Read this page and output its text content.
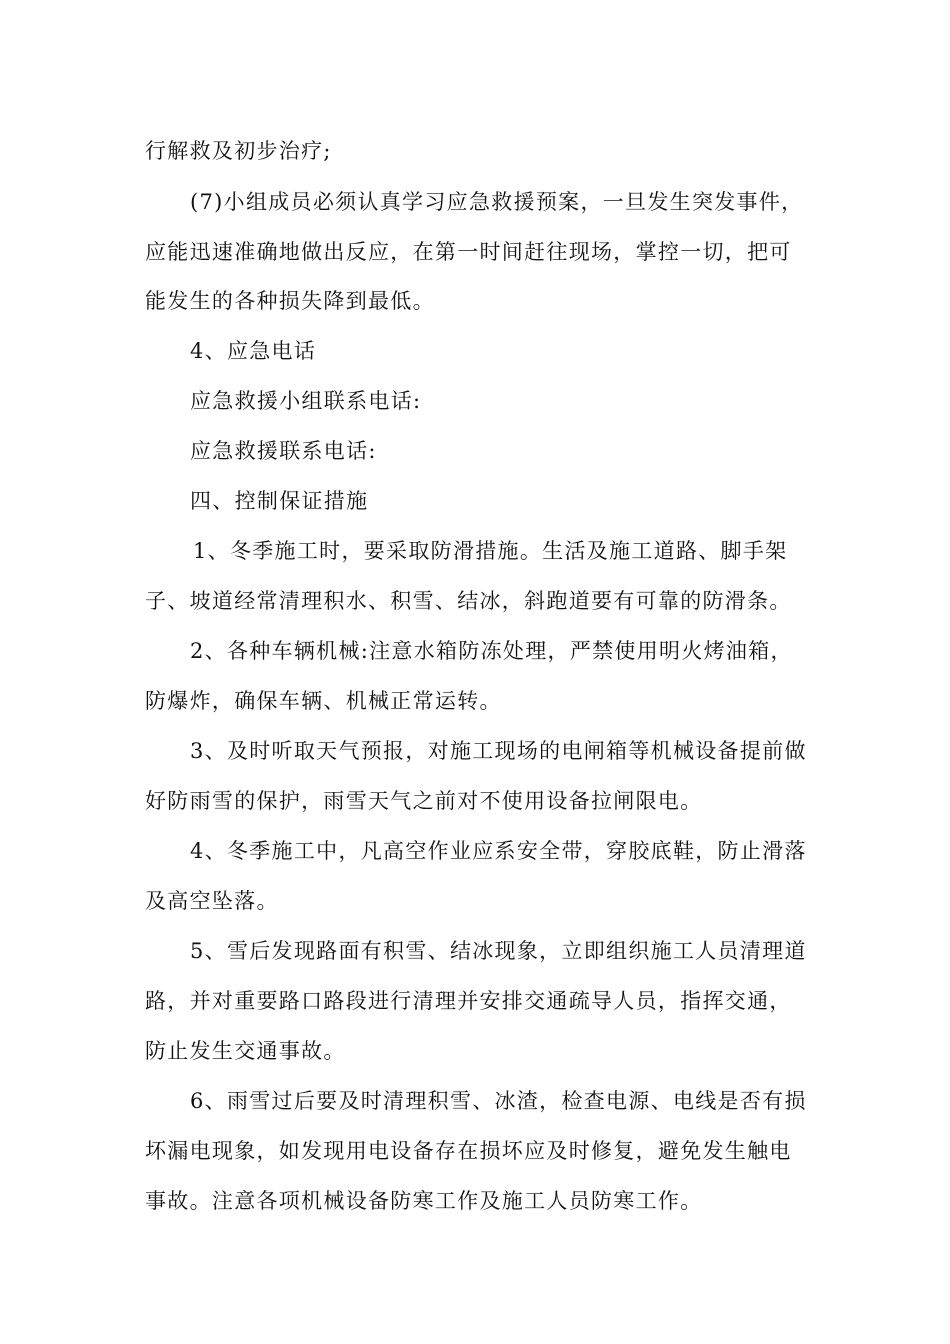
行解救及初步治疗;
(7)小组成员必须认真学习应急救援预案，一旦发生突发事件，
应能迅速准确地做出反应，在第一时间赶往现场，掌控一切，把可
能发生的各种损失降到最低。
4、应急电话
应急救援小组联系电话:
应急救援联系电话:
四、控制保证措施
1、冬季施工时，要采取防滑措施。生活及施工道路、脚手架
子、坡道经常清理积水、积雪、结冰，斜跑道要有可靠的防滑条。
2、各种车辆机械:注意水箱防冻处理，严禁使用明火烤油箱，
防爆炸，确保车辆、机械正常运转。
3、及时听取天气预报，对施工现场的电闸箱等机械设备提前做
好防雨雪的保护，雨雪天气之前对不使用设备拉闸限电。
4、冬季施工中，凡高空作业应系安全带，穿胶底鞋，防止滑落
及高空坠落。
5、雪后发现路面有积雪、结冰现象，立即组织施工人员清理道
路，并对重要路口路段进行清理并安排交通疏导人员，指挥交通，
防止发生交通事故。
6、雨雪过后要及时清理积雪、冰渣，检查电源、电线是否有损
坏漏电现象，如发现用电设备存在损坏应及时修复，避免发生触电
事故。注意各项机械设备防寒工作及施工人员防寒工作。
